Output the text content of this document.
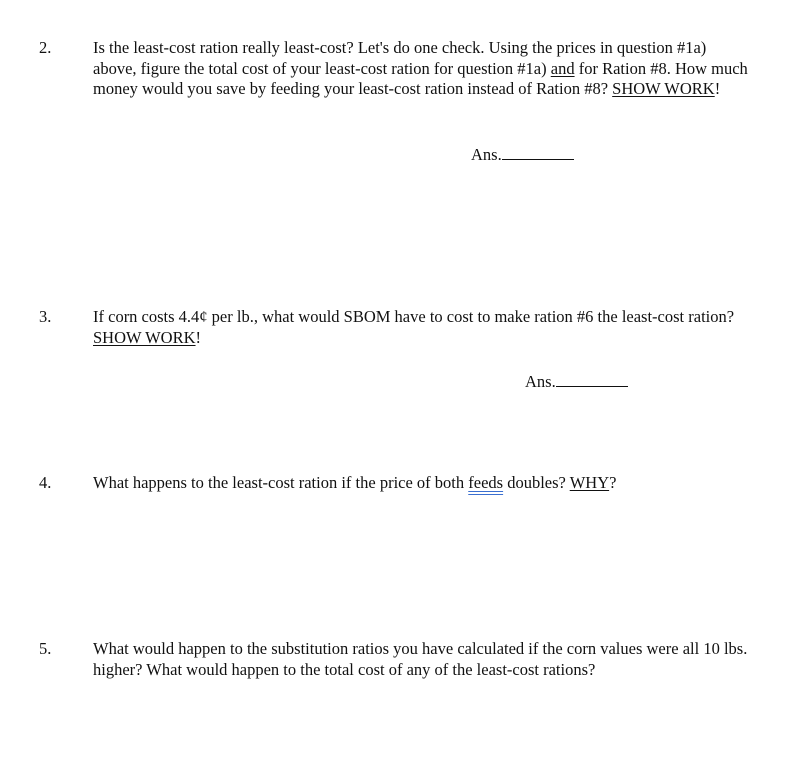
2.	Is the least-cost ration really least-cost? Let's do one check. Using the prices in question #1a) above, figure the total cost of your least-cost ration for question #1a) and for Ration #8. How much money would you save by feeding your least-cost ration instead of Ration #8? SHOW WORK!
Ans.
3.	If corn costs 4.4¢ per lb., what would SBOM have to cost to make ration #6 the least-cost ration? SHOW WORK!
Ans.
4.	What happens to the least-cost ration if the price of both feeds doubles? WHY?
5.	What would happen to the substitution ratios you have calculated if the corn values were all 10 lbs. higher? What would happen to the total cost of any of the least-cost rations?
